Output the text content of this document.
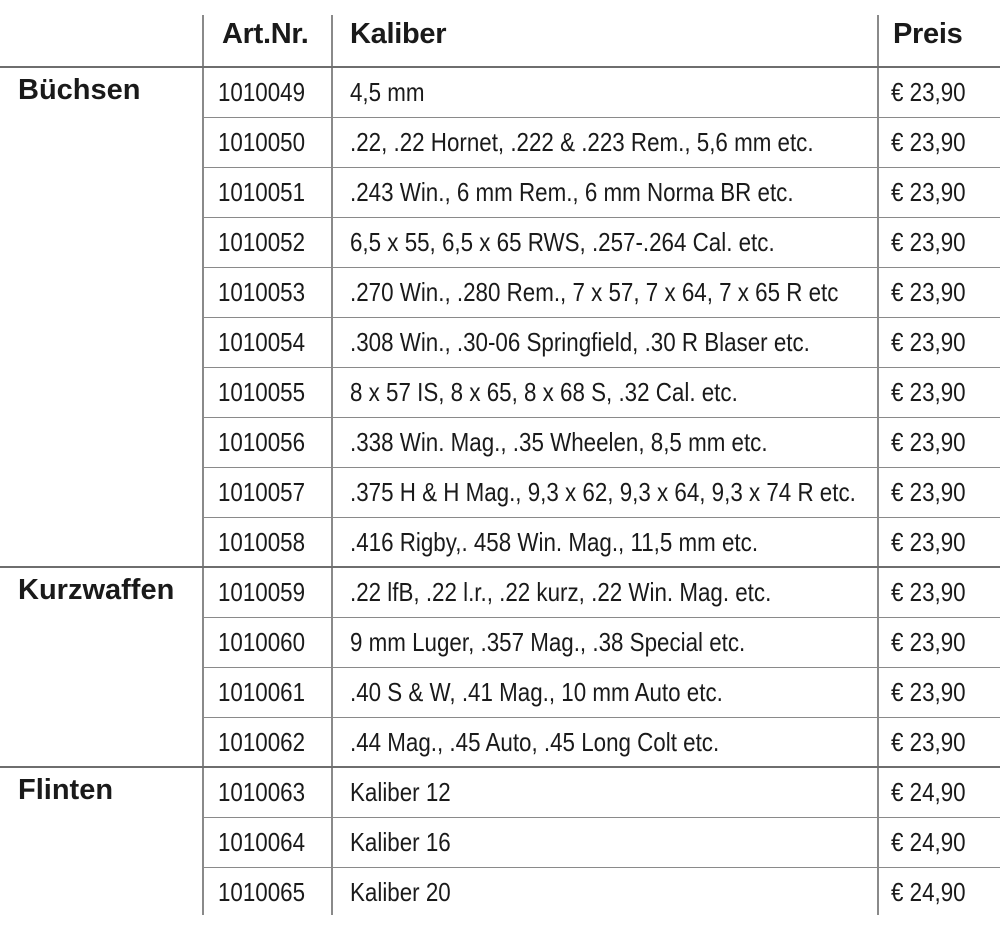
Art.Nr. Kaliber	Preis
Büchsen	1010049 4,5 mm	€ 23,90
1010050 .22, .22 Hornet, .222 & .223 Rem., 5,6 mm etc.	€ 23,90
1010051 .243 Win., 6 mm Rem., 6 mm Norma BR etc.	€ 23,90
1010052 6,5 x 55, 6,5 x 65 RWS, .257-.264 Cal. etc.	€ 23,90
1010053 .270 Win., .280 Rem., 7 x 57, 7 x 64, 7 x 65 R etc € 23,90
1010054 .308 Win., .30-06 Springfield, .30 R Blaser etc.	€ 23,90
1010055 8 x 57 IS, 8 x 65, 8 x 68 S, .32 Cal. etc.	€ 23,90
1010056 .338 Win. Mag., .35 Wheelen, 8,5 mm etc.	€ 23,90
1010057 .375 H & H Mag., 9,3 x 62, 9,3 x 64, 9,3 x 74 R etc. € 23,90
1010058 .416 Rigby,. 458 Win. Mag., 11,5 mm etc.	€ 23,90
Kurzwaffen 1010059 .22 lfB, .22 l.r., .22 kurz, .22 Win. Mag. etc.	€ 23,90
1010060 9 mm Luger, .357 Mag., .38 Special etc.	€ 23,90
1010061 .40 S & W, .41 Mag., 10 mm Auto etc.	€ 23,90
1010062 .44 Mag., .45 Auto, .45 Long Colt etc.	€ 23,90
Flinten	1010063 Kaliber 12	€ 24,90
1010064 Kaliber 16	€ 24,90
1010065 Kaliber 20	€ 24,90
